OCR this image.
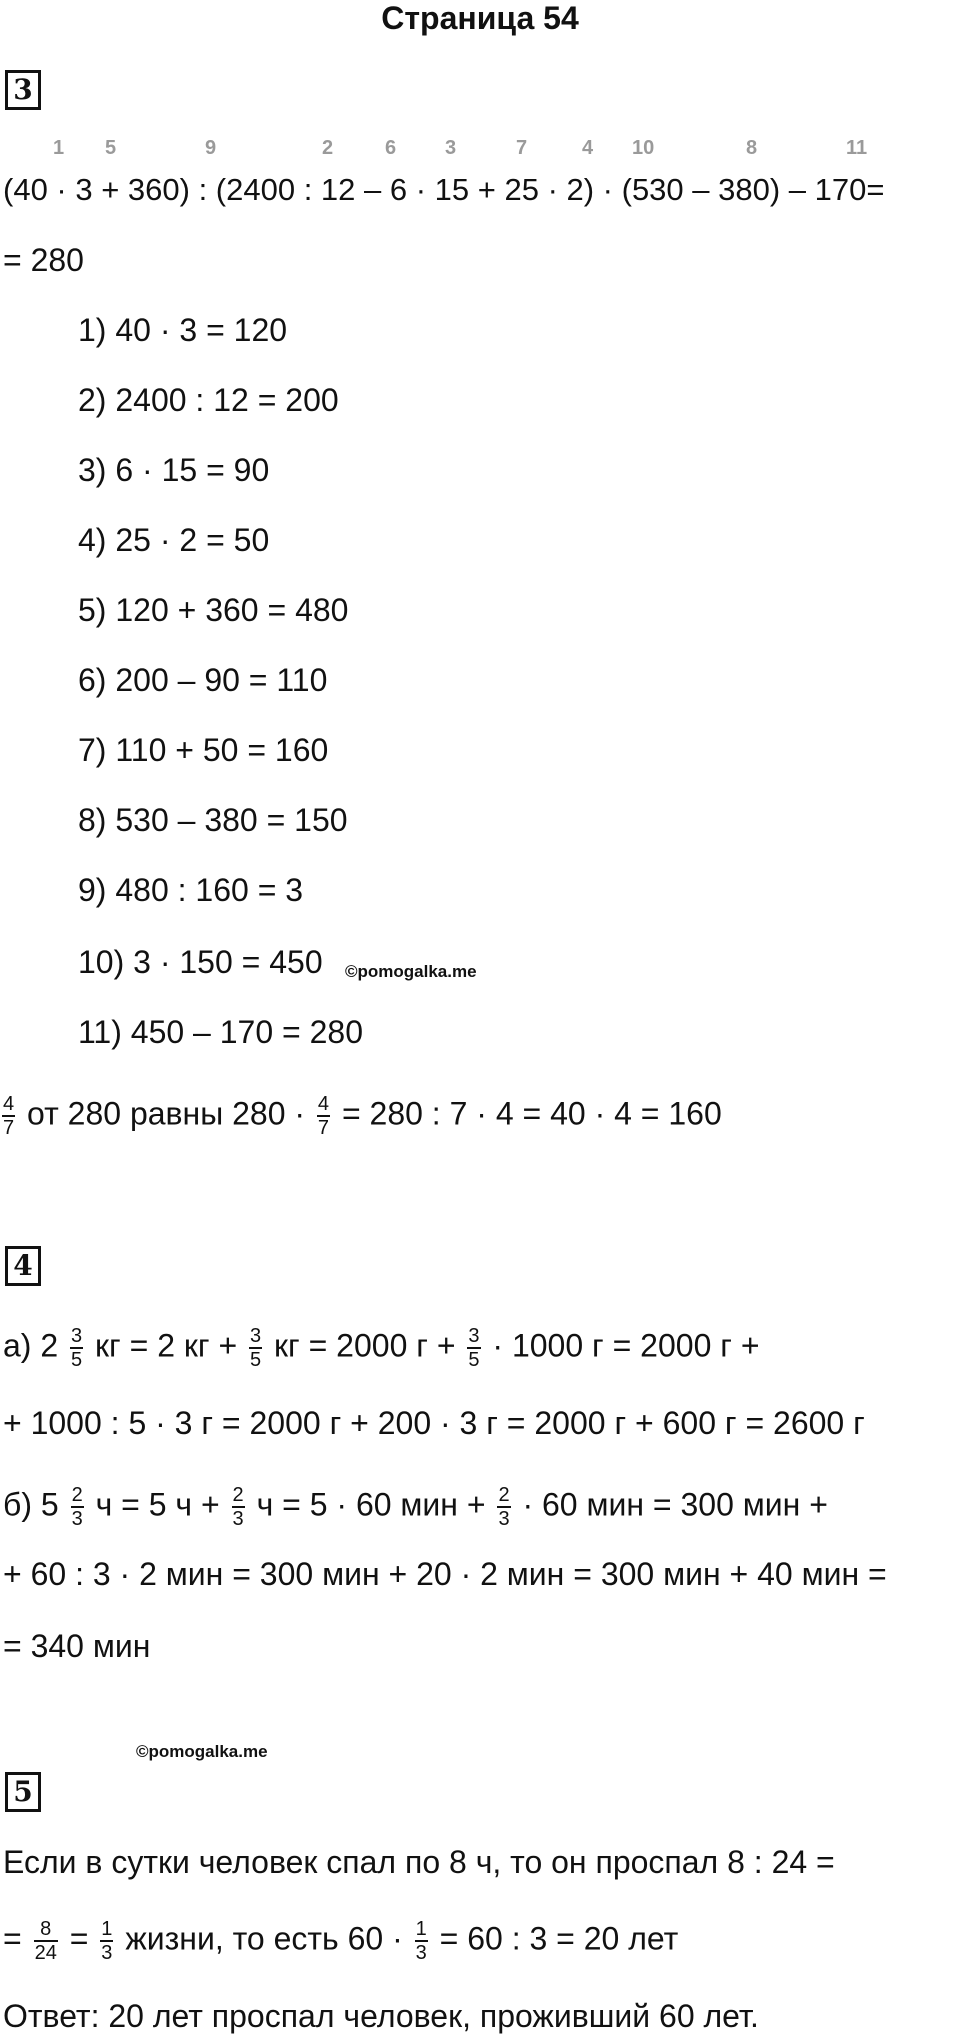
Страница 54
3
1 5	9	2	6 3	7	4 10	8	11
(40 · 3 + 360) : (2400 : 12 – 6 · 15 + 25 · 2) · (530 – 380) – 170=
= 280
1) 40 · 3 = 120
2) 2400 : 12 = 200
3) 6 · 15 = 90
4) 25 · 2 = 50
5) 120 + 360 = 480
6) 200 – 90 = 110
7) 110 + 50 = 160
8) 530 – 380 = 150
9) 480 : 160 = 3
10) 3 · 150 = 450 ©pomogalka.me
11) 450 – 170 = 280
$\frac{4}{7}$ от 280 равны $280 \cdot \frac{4}{7} = 280$ : 7 · 4 = 40 · 4 = 160
4
а) $2 \frac{3}{5}$ кг = 2 кг + $\frac{3}{5}$ кг = 2000 $г + \frac{3}{5} \cdot 1000$ г = 2000 г +
+ 1000 : 5 · 3 г = 2000 г + 200 · 3 г = 2000 г + 600 г = 2600 г
б) $5 \frac{2}{3}$ ч = 5 $ч + \frac{2}{3}$ ч = 5 · 60 мин + $\frac{2}{3} \cdot 60$ мин = 300 мин +
+ 60 : 3 · 2 мин = 300 мин + 20 · 2 мин = 300 мин + 40 мин =
= 340 мин
©pomogalka.me
5
Если в сутки человек спал по 8 ч, то он проспал 8 : 24 =
= $\frac{8}{24} = \frac{1}{3}$ жизни, то есть $60 \cdot \frac{1}{3} = 60$ : 3 = 20 лет
Ответ: 20 лет проспал человек, проживший 60 лет.
